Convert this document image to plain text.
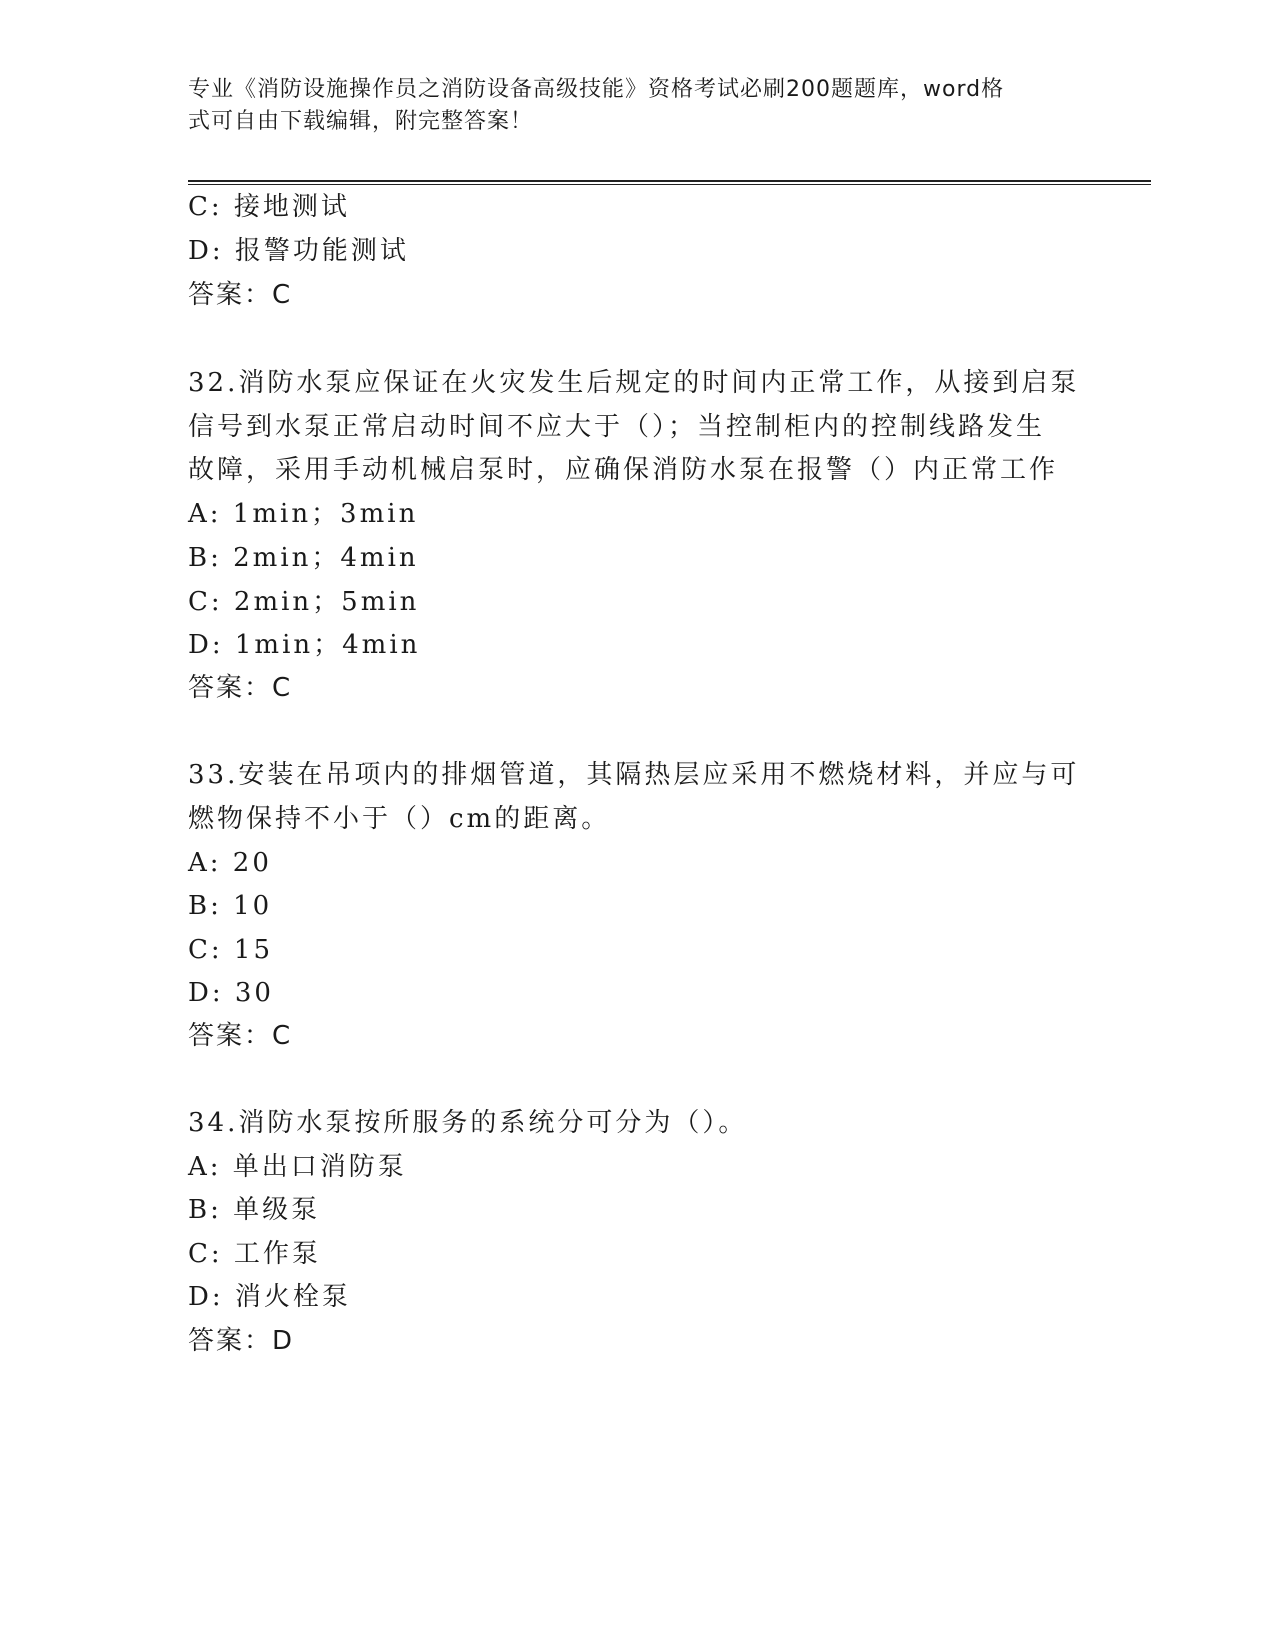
专业《消防设施操作员之消防设备高级技能》资格考试必刷200题题库，word格
式可自由下载编辑，附完整答案！
C: 接地测试
D: 报警功能测试
答案：C
32.消防水泵应保证在火灾发生后规定的时间内正常工作，从接到启泵
信号到水泵正常启动时间不应大于（）；当控制柜内的控制线路发生
故障，采用手动机械启泵时，应确保消防水泵在报警（）内正常工作
A: 1min；3min
B: 2min；4min
C: 2min；5min
D: 1min；4min
答案：C
33.安装在吊项内的排烟管道，其隔热层应采用不燃烧材料，并应与可
燃物保持不小于（）cm的距离。
A: 20
B: 10
C: 15
D: 30
答案：C
34.消防水泵按所服务的系统分可分为（）。
A: 单出口消防泵
B: 单级泵
C: 工作泵
D: 消火栓泵
答案：D
